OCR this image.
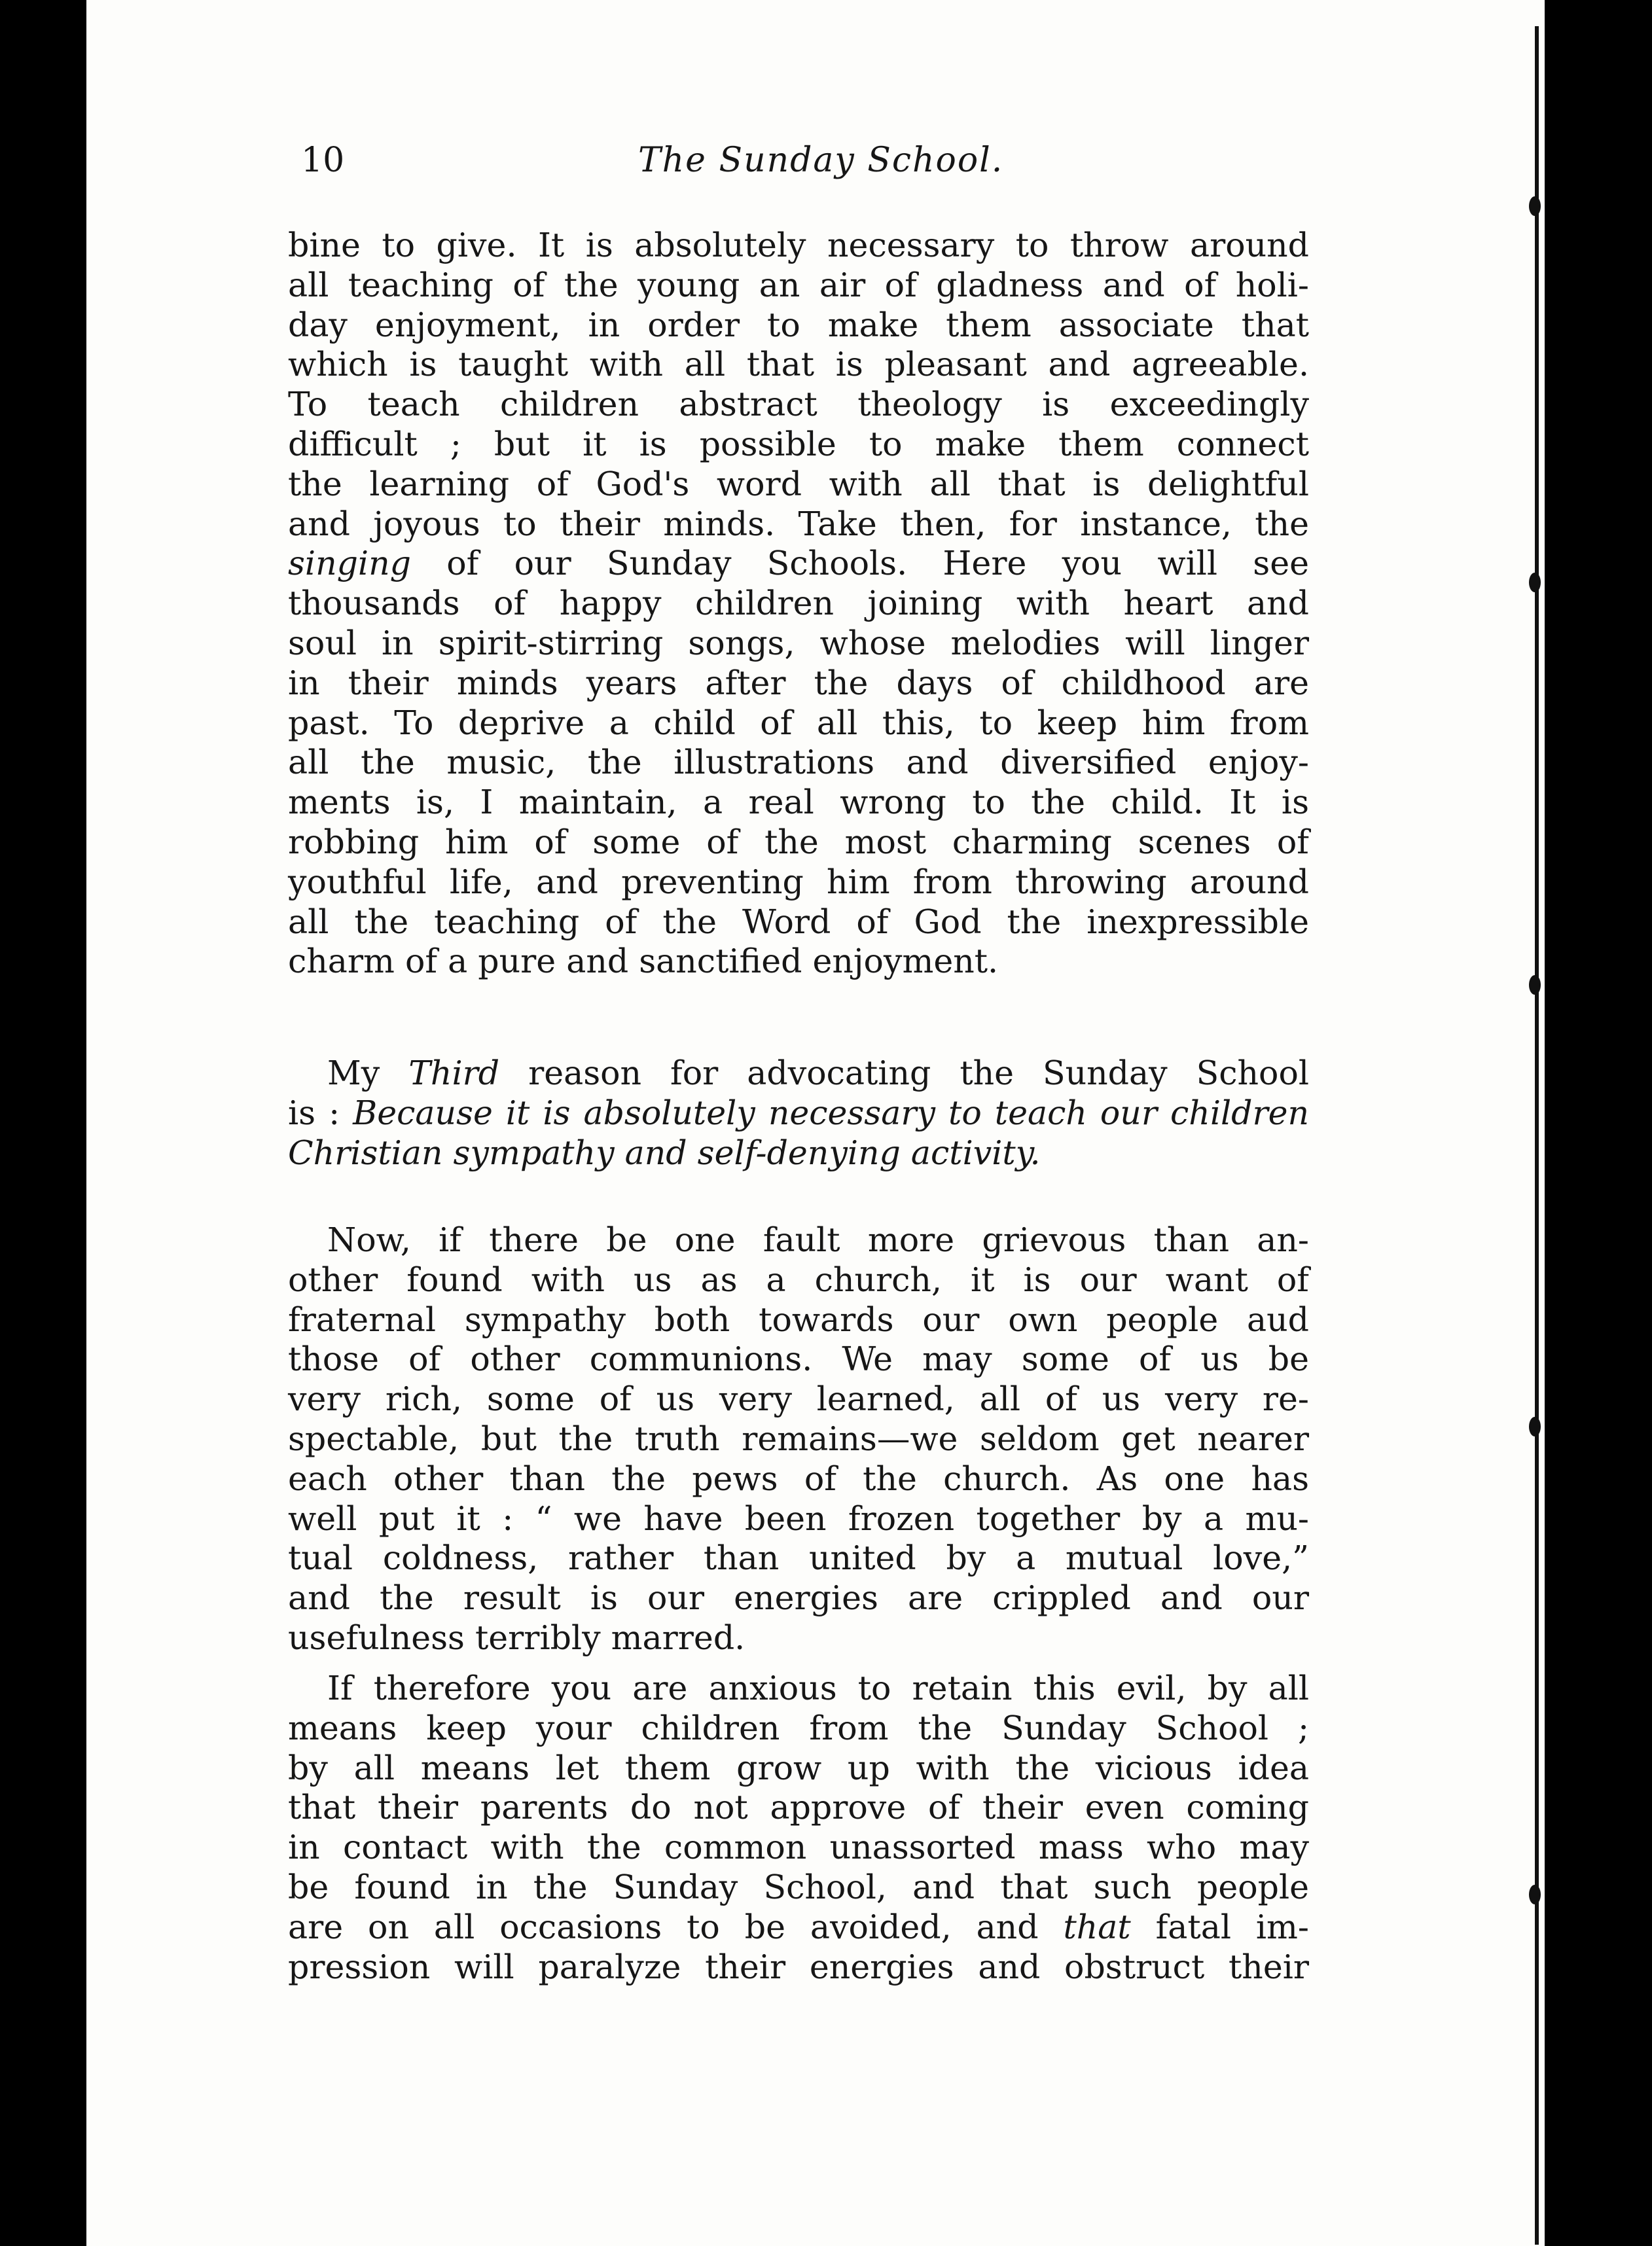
10	The Sunday School.
bine to give. It is absolutely necessary to throw around
all teaching of the young an air of gladness and of holi-
day enjoyment, in order to make them associate that
which is taught with all that is pleasant and agreeable.
To teach children abstract theology is exceedingly
difficult ; but it is possible to make them connect
the learning of God's word with all that is delightful
and joyous to their minds. Take then, for instance, the
singing of our Sunday Schools. Here you will see
thousands of happy children joining with heart and
soul in spirit-stirring songs, whose melodies will linger
in their minds years after the days of childhood are
past. To deprive a child of all this, to keep him from
all the music, the illustrations and diversified enjoy-
ments is, I maintain, a real wrong to the child. It is
robbing him of some of the most charming scenes of
youthful life, and preventing him from throwing around
all the teaching of the Word of God the inexpressible
charm of a pure and sanctified enjoyment.
My Third reason for advocating the Sunday School
is : Because it is absolutely necessary to teach our children
Christian sympathy and self-denying activity.
Now, if there be one fault more grievous than an-
other found with us as a church, it is our want of
fraternal sympathy both towards our own people aud
those of other communions. We may some of us be
very rich, some of us very learned, all of us very re-
spectable, but the truth remains—we seldom get nearer
each other than the pews of the church. As one has
well put it : “ we have been frozen together by a mu-
tual coldness, rather than united by a mutual love,”
and the result is our energies are crippled and our
usefulness terribly marred.
If therefore you are anxious to retain this evil, by all
means keep your children from the Sunday School ;
by all means let them grow up with the vicious idea
that their parents do not approve of their even coming
in contact with the common unassorted mass who may
be found in the Sunday School, and that such people
are on all occasions to be avoided, and that fatal im-
pression will paralyze their energies and obstruct their
